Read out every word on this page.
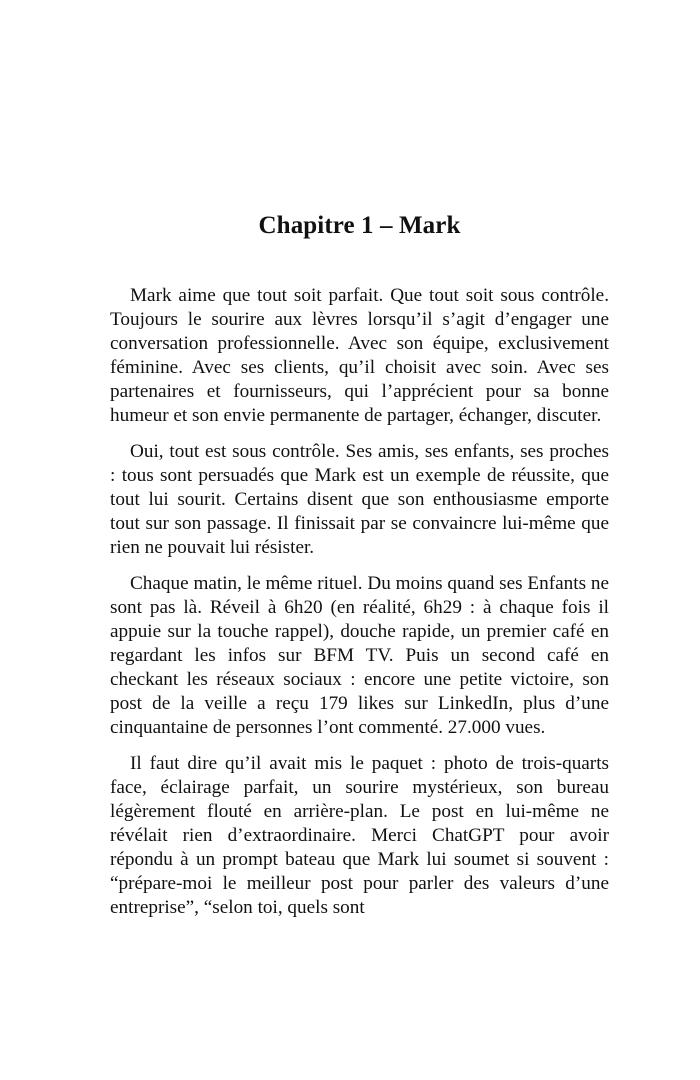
Chapitre 1 – Mark

Mark aime que tout soit parfait. Que tout soit sous contrôle. Toujours le sourire aux lèvres lorsqu’il s’agit d’engager une conversation professionnelle. Avec son équipe, exclusivement féminine. Avec ses clients, qu’il choisit avec soin. Avec ses partenaires et fournisseurs, qui l’apprécient pour sa bonne humeur et son envie permanente de partager, échanger, discuter.

Oui, tout est sous contrôle. Ses amis, ses enfants, ses proches : tous sont persuadés que Mark est un exemple de réussite, que tout lui sourit. Certains disent que son enthousiasme emporte tout sur son passage. Il finissait par se convaincre lui-même que rien ne pouvait lui résister.

Chaque matin, le même rituel. Du moins quand ses Enfants ne sont pas là. Réveil à 6h20 (en réalité, 6h29 : à chaque fois il appuie sur la touche rappel), douche rapide, un premier café en regardant les infos sur BFM TV. Puis un second café en checkant les réseaux sociaux : encore une petite victoire, son post de la veille a reçu 179 likes sur LinkedIn, plus d’une cinquantaine de personnes l’ont commenté. 27.000 vues.

Il faut dire qu’il avait mis le paquet : photo de trois-quarts face, éclairage parfait, un sourire mystérieux, son bureau légèrement flouté en arrière-plan. Le post en lui-même ne révélait rien d’extraordinaire. Merci ChatGPT pour avoir répondu à un prompt bateau que Mark lui soumet si souvent : “prépare-moi le meilleur post pour parler des valeurs d’une entreprise”, “selon toi, quels sont
